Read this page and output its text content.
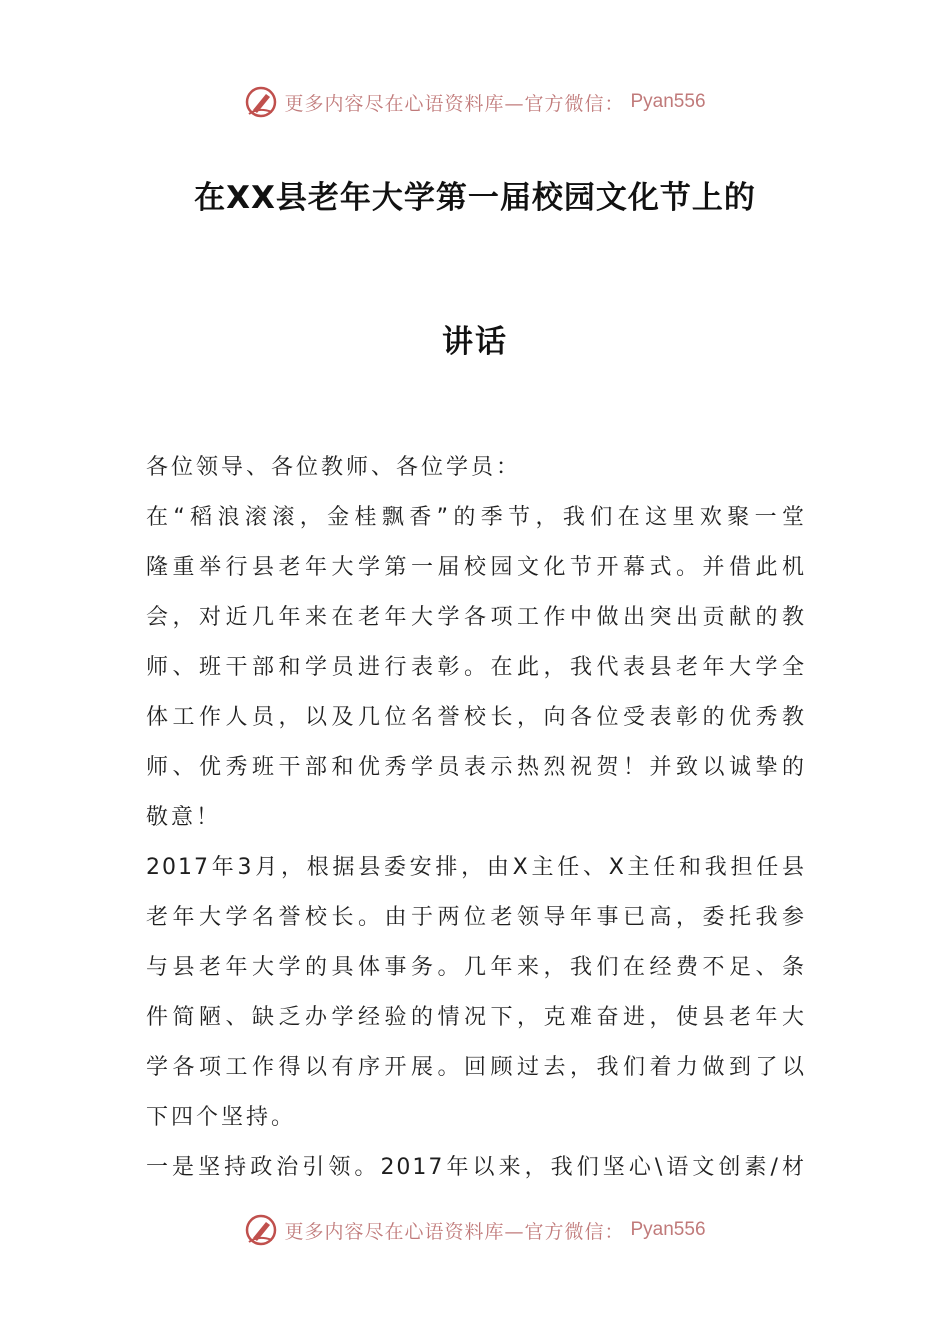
更多内容尽在心语资料库—官方微信： Pyan556
在XX县老年大学第一届校园文化节上的
讲话
各位领导、各位教师、各位学员：
在“稻浪滚滚，金桂飘香”的季节，我们在这里欢聚一堂
隆重举行县老年大学第一届校园文化节开幕式。并借此机
会，对近几年来在老年大学各项工作中做出突出贡献的教
师、班干部和学员进行表彰。在此，我代表县老年大学全
体工作人员，以及几位名誉校长，向各位受表彰的优秀教
师、优秀班干部和优秀学员表示热烈祝贺！并致以诚挚的
敬意！
2017年3月，根据县委安排，由X主任、X主任和我担任县
老年大学名誉校长。由于两位老领导年事已高，委托我参
与县老年大学的具体事务。几年来，我们在经费不足、条
件简陋、缺乏办学经验的情况下，克难奋进，使县老年大
学各项工作得以有序开展。回顾过去，我们着力做到了以
下四个坚持。
一是坚持政治引领。2017年以来，我们坚心\语文创素/材
更多内容尽在心语资料库—官方微信： Pyan556
